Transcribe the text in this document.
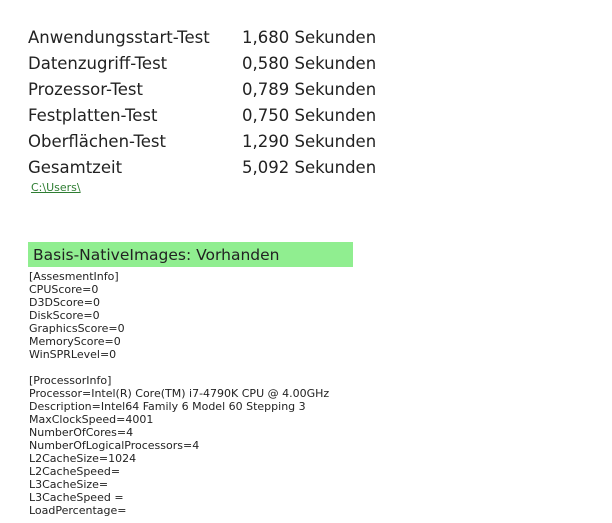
Anwendungsstart-Test	1,680 Sekunden
Datenzugriff-Test	0,580 Sekunden
Prozessor-Test	0,789 Sekunden
Festplatten-Test	0,750 Sekunden
Oberflächen-Test	1,290 Sekunden
Gesamtzeit	5,092 Sekunden
C:\Users\
Basis-NativeImages: Vorhanden
[AssesmentInfo]
CPUScore=0
D3DScore=0
DiskScore=0
GraphicsScore=0
MemoryScore=0
WinSPRLevel=0
[ProcessorInfo]
Processor=Intel(R) Core(TM) i7-4790K CPU @ 4.00GHz
Description=Intel64 Family 6 Model 60 Stepping 3
MaxClockSpeed=4001
NumberOfCores=4
NumberOfLogicalProcessors=4
L2CacheSize=1024
L2CacheSpeed=
L3CacheSize=
L3CacheSpeed =
LoadPercentage=
